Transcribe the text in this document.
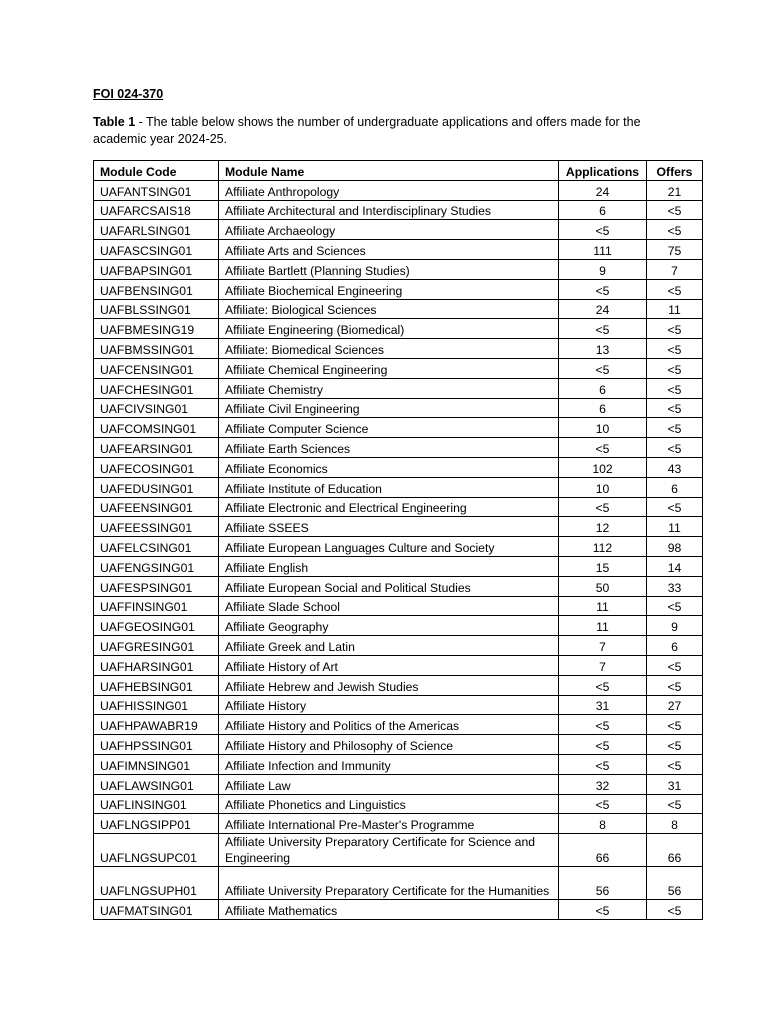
FOI 024-370
Table 1 - The table below shows the number of undergraduate applications and offers made for the academic year 2024-25.
Module Code	Module Name	Applications	Offers
UAFANTSING01	Affiliate Anthropology	24	21
UAFARCSAIS18	Affiliate Architectural and Interdisciplinary Studies	6	<5
UAFARLSING01	Affiliate Archaeology	<5	<5
UAFASCSING01	Affiliate Arts and Sciences	111	75
UAFBAPSING01	Affiliate Bartlett (Planning Studies)	9	7
UAFBENSING01	Affiliate Biochemical Engineering	<5	<5
UAFBLSSING01	Affiliate: Biological Sciences	24	11
UAFBMESING19	Affiliate Engineering (Biomedical)	<5	<5
UAFBMSSING01	Affiliate: Biomedical Sciences	13	<5
UAFCENSING01	Affiliate Chemical Engineering	<5	<5
UAFCHESING01	Affiliate Chemistry	6	<5
UAFCIVSING01	Affiliate Civil Engineering	6	<5
UAFCOMSING01	Affiliate Computer Science	10	<5
UAFEARSING01	Affiliate Earth Sciences	<5	<5
UAFECOSING01	Affiliate Economics	102	43
UAFEDUSING01	Affiliate Institute of Education	10	6
UAFEENSING01	Affiliate Electronic and Electrical Engineering	<5	<5
UAFEESSING01	Affiliate SSEES	12	11
UAFELCSING01	Affiliate European Languages Culture and Society	112	98
UAFENGSING01	Affiliate English	15	14
UAFESPSING01	Affiliate European Social and Political Studies	50	33
UAFFINSING01	Affiliate Slade School	11	<5
UAFGEOSING01	Affiliate Geography	11	9
UAFGRESING01	Affiliate Greek and Latin	7	6
UAFHARSING01	Affiliate History of Art	7	<5
UAFHEBSING01	Affiliate Hebrew and Jewish Studies	<5	<5
UAFHISSING01	Affiliate History	31	27
UAFHPAWABR19	Affiliate History and Politics of the Americas	<5	<5
UAFHPSSING01	Affiliate History and Philosophy of Science	<5	<5
UAFIMNSING01	Affiliate Infection and Immunity	<5	<5
UAFLAWSING01	Affiliate Law	32	31
UAFLINSING01	Affiliate Phonetics and Linguistics	<5	<5
UAFLNGSIPP01	Affiliate International Pre-Master's Programme	8	8
UAFLNGSUPC01	Affiliate University Preparatory Certificate for Science and Engineering	66	66
UAFLNGSUPH01	Affiliate University Preparatory Certificate for the Humanities	56	56
UAFMATSING01	Affiliate Mathematics	<5	<5
